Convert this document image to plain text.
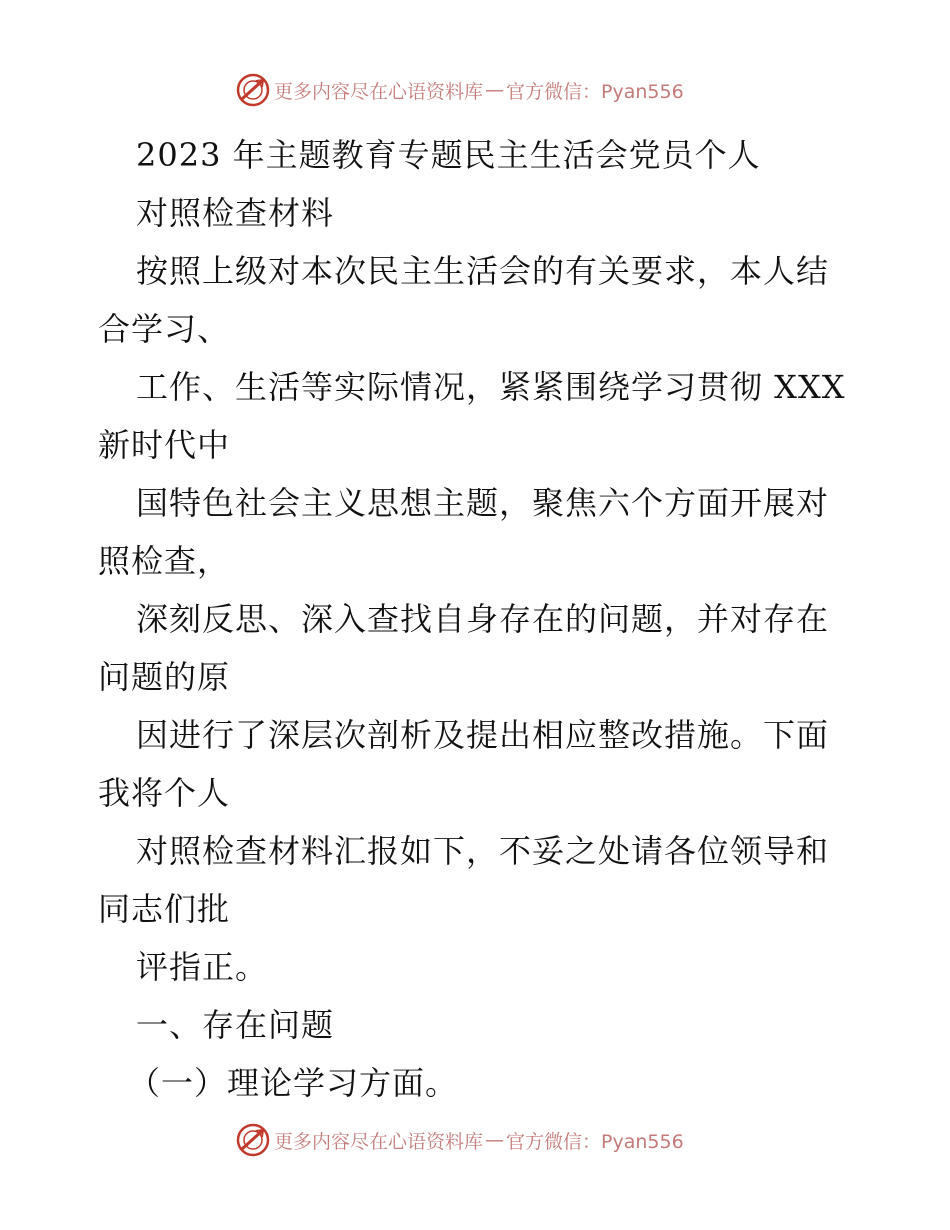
更多内容尽在心语资料库 — 官方微信：Pyan556
2023 年主题教育专题民主生活会党员个人
对照检查材料
按照上级对本次民主生活会的有关要求，本人结
合学习、
工作、生活等实际情况，紧紧围绕学习贯彻 XXX
新时代中
国特色社会主义思想主题，聚焦六个方面开展对
照检查，
深刻反思、深入查找自身存在的问题，并对存在
问题的原
因进行了深层次剖析及提出相应整改措施。下面
我将个人
对照检查材料汇报如下，不妥之处请各位领导和
同志们批
评指正。
一、存在问题
（一）理论学习方面。
更多内容尽在心语资料库 — 官方微信：Pyan556
